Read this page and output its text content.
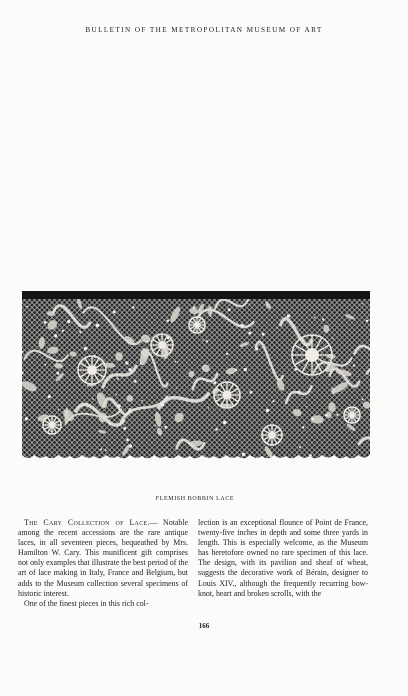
BULLETIN OF THE METROPOLITAN MUSEUM OF ART
FLEMISH BOBBIN LACE

The Cary Collection of Lace.— Notable among the recent accessions are the rare antique laces, in all seventeen pieces, bequeathed by Mrs. Hamilton W. Cary. This munificent gift comprises not only examples that illustrate the best period of the art of lace making in Italy, France and Belgium, but adds to the Museum collection several specimens of historic interest.

One of the finest pieces in this rich col-

lection is an exceptional flounce of Point de France, twenty-five inches in depth and some three yards in length. This is especially welcome, as the Museum has heretofore owned no rare specimen of this lace. The design, with its pavilion and sheaf of wheat, suggests the decorative work of Bérain, designer to Louis XIV., although the frequently recurring bow-knot, heart and broken scrolls, with the

166
